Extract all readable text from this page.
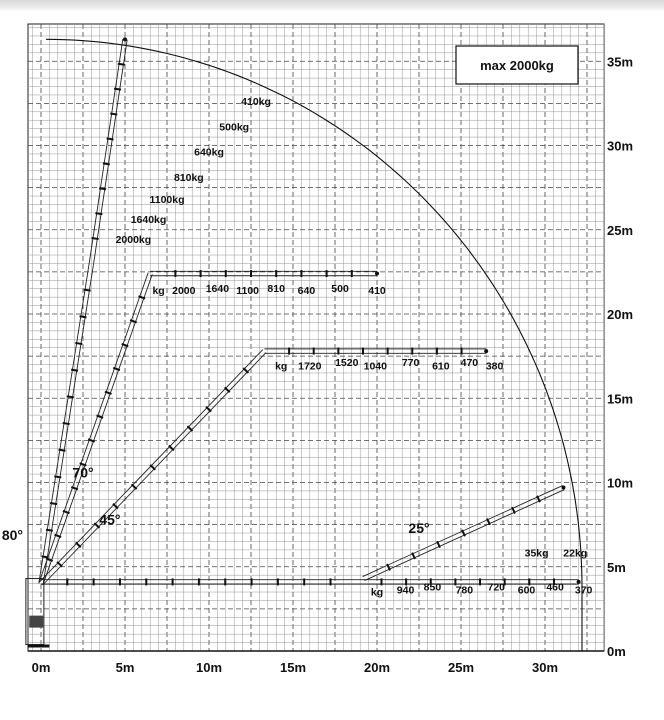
410kg
500kg
640kg
810kg
1100kg
1640kg
2000kg
kg 2000 1640 1100 810 640 500 410
kg 1720 1520 1040 770 610 470 380
kg 940 850 780 720 600 460 370
35kg 22kg
0m	5m	10m	15m	20m	25m	30m
0m
5m
10m
15m
20m
25m
30m
35m
80°
70°
45°
25°
max 2000kg
